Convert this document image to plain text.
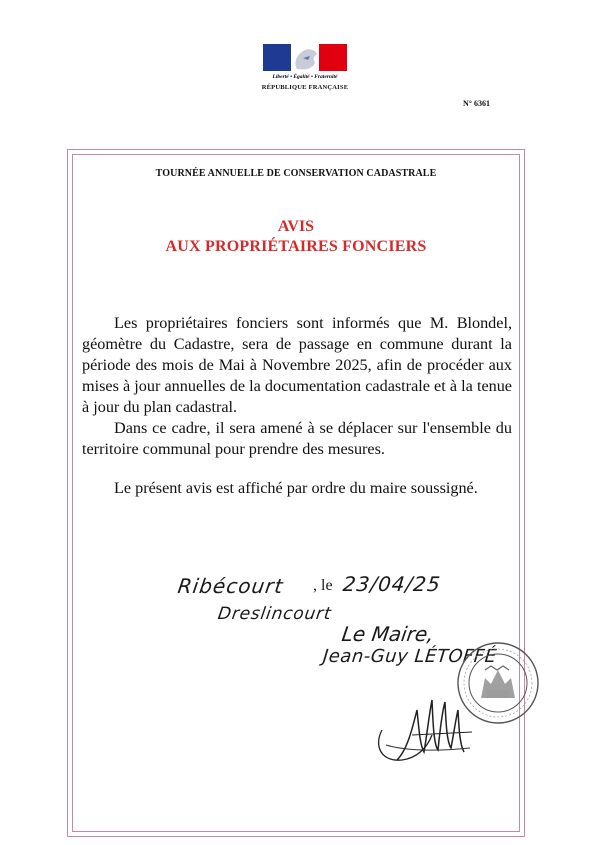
Liberté • Égalité • Fraternité
RÉPUBLIQUE FRANÇAISE
N° 6361
TOURNÉE ANNUELLE DE CONSERVATION CADASTRALE
AVIS
AUX PROPRIÉTAIRES FONCIERS

Les propriétaires fonciers sont informés que M. Blondel, géomètre du Cadastre, sera de passage en commune durant la période des mois de Mai à Novembre 2025, afin de procéder aux mises à jour annuelles de la documentation cadastrale et à la tenue à jour du plan cadastral.

Dans ce cadre, il sera amené à se déplacer sur l'ensemble du territoire communal pour prendre des mesures.

Le présent avis est affiché par ordre du maire soussigné.

Ribécourt , le 23/04/25
Dreslincourt
Le Maire,
Jean-Guy LÉTOFFÉ
